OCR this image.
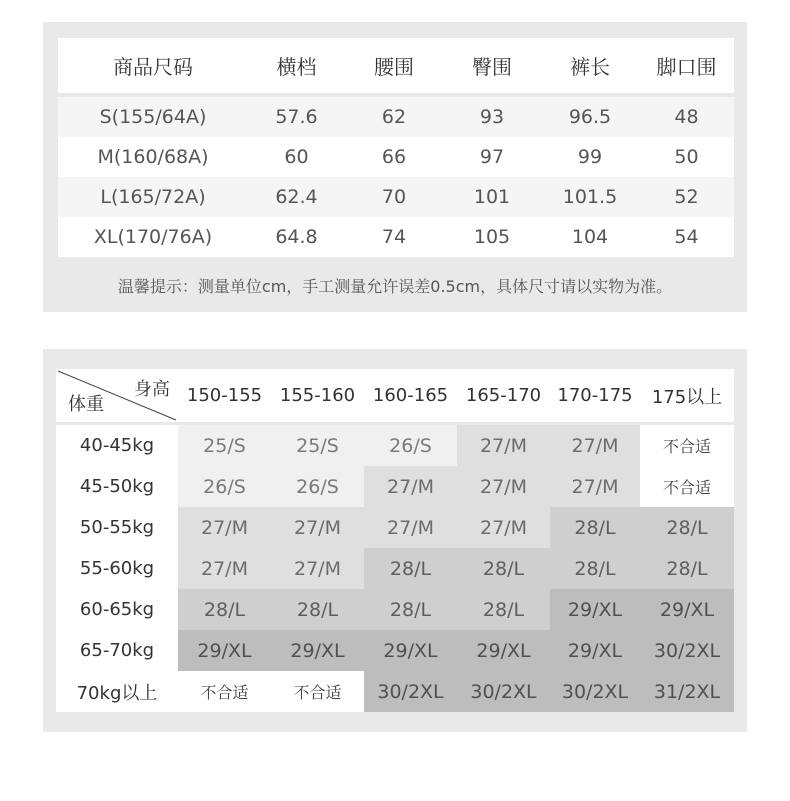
商品尺码	横档	腰围	臀围	裤长	脚口围

S(155/64A)	57.6	62	93	96.5	48
M(160/68A)	60	66	97	99	50
L(165/72A)	62.4	70	101	101.5	52
XL(170/76A)	64.8	74	105	104	54
温馨提示：测量单位cm，手工测量允许误差0.5cm，具体尺寸请以实物为准。
身高
体重	150-155	155-160	160-165	165-170	170-175	175以上

40-45kg	25/S	25/S	26/S	27/M	27/M	不合适
45-50kg	26/S	26/S	27/M	27/M	27/M	不合适
50-55kg	27/M	27/M	27/M	27/M	28/L	28/L
55-60kg	27/M	27/M	28/L	28/L	28/L	28/L
60-65kg	28/L	28/L	28/L	28/L	29/XL	29/XL
65-70kg	29/XL	29/XL	29/XL	29/XL	29/XL	30/2XL
70kg以上	不合适	不合适	30/2XL	30/2XL	30/2XL	31/2XL
